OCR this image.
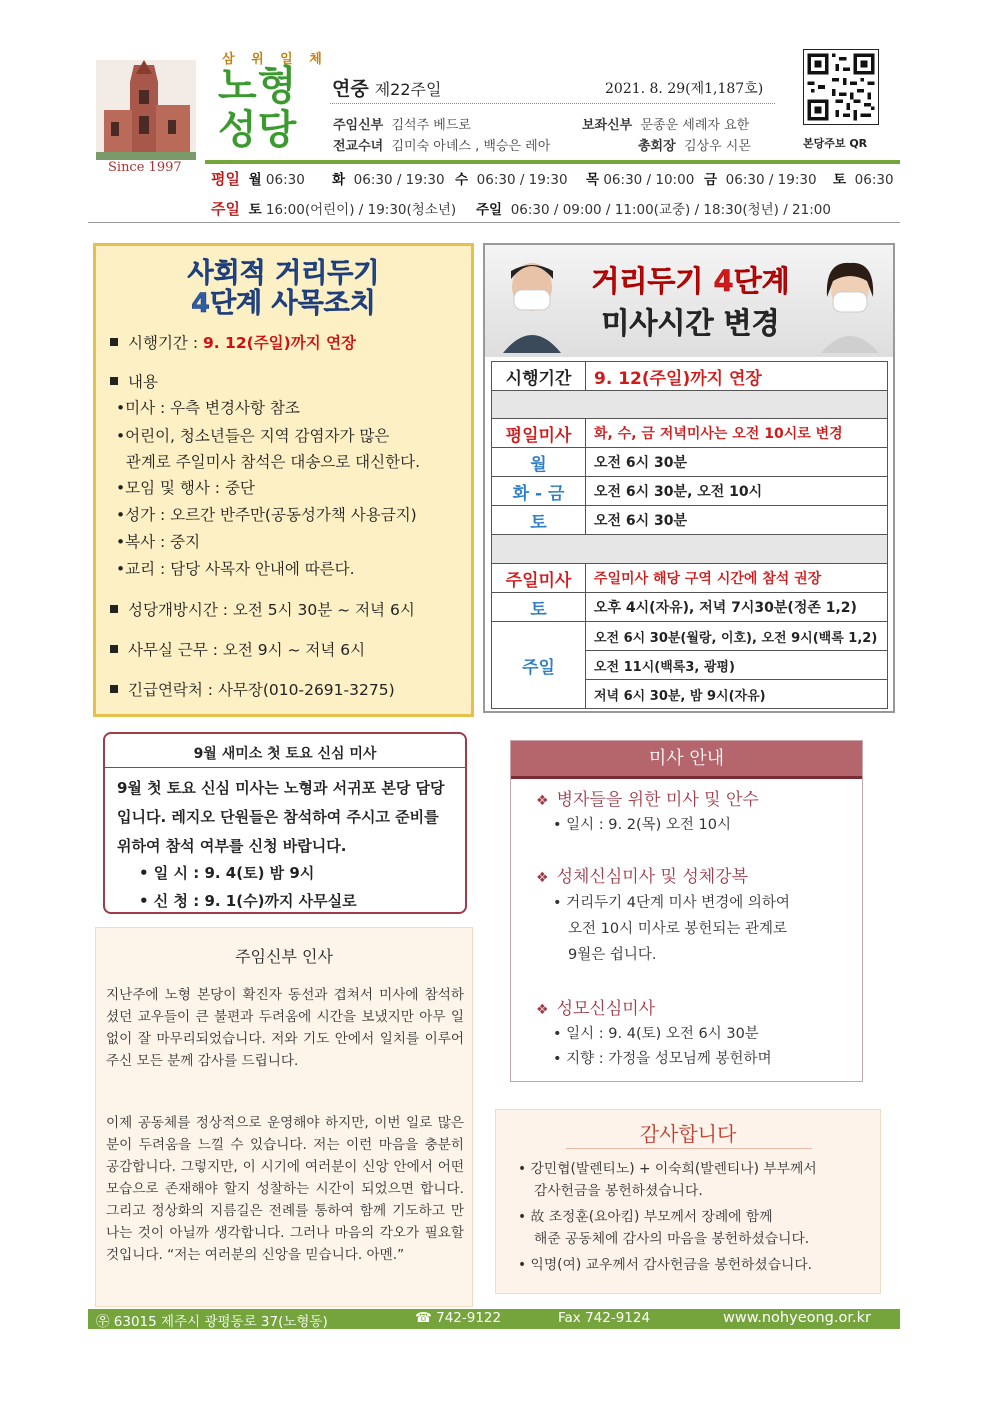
Since 1997
삼 위 일 체
노형
성당
연중 제22주일	2021. 8. 29(제1,187호)
주임신부 김석주 베드로	보좌신부 문종운 세례자 요한
전교수녀 김미숙 아녜스 , 백승은 레아	총회장 김상우 시몬	본당주보 QR
평일 월 06:30 화 06:30 / 19:30 수 06:30 / 19:30 목 06:30 / 10:00 금 06:30 / 19:30 토 06:30
주일 토 16:00(어린이) / 19:30(청소년) 주일 06:30 / 09:00 / 11:00(교중) / 18:30(청년) / 21:00
사회적 거리두기
4단계 사목조치
시행기간 : 9. 12(주일)까지 연장
내용
•미사 : 우측 변경사항 참조
•어린이, 청소년들은 지역 감염자가 많은
관계로 주일미사 참석은 대송으로 대신한다.
•모임 및 행사 : 중단
•성가 : 오르간 반주만(공동성가책 사용금지)
•복사 : 중지
•교리 : 담당 사목자 안내에 따른다.
성당개방시간 : 오전 5시 30분 ~ 저녁 6시
사무실 근무 : 오전 9시 ~ 저녁 6시
긴급연락처 : 사무장(010-2691-3275)
거리두기 4단계
미사시간 변경
시행기간	9. 12(주일)까지 연장

평일미사	화, 수, 금 저녁미사는 오전 10시로 변경
월	오전 6시 30분
화 - 금	오전 6시 30분, 오전 10시
토	오전 6시 30분

주일미사	주일미사 해당 구역 시간에 참석 권장
토	오후 4시(자유), 저녁 7시30분(정존 1,2)
주일	오전 6시 30분(월랑, 이호), 오전 9시(백록 1,2)
	오전 11시(백록3, 광평)
	저녁 6시 30분, 밤 9시(자유)
9월 새미소 첫 토요 신심 미사
9월 첫 토요 신심 미사는 노형과 서귀포 본당 담당입니다. 레지오 단원들은 참석하여 주시고 준비를 위하여 참석 여부를 신청 바랍니다.
• 일 시 : 9. 4(토) 밤 9시
• 신 청 : 9. 1(수)까지 사무실로
주임신부 인사
지난주에 노형 본당이 확진자 동선과 겹쳐서 미사에 참석하셨던 교우들이 큰 불편과 두려움에 시간을 보냈지만 아무 일 없이 잘 마무리되었습니다. 저와 기도 안에서 일치를 이루어 주신 모든 분께 감사를 드립니다.
이제 공동체를 정상적으로 운영해야 하지만, 이번 일로 많은 분이 두려움을 느낄 수 있습니다. 저는 이런 마음을 충분히 공감합니다. 그렇지만, 이 시기에 여러분이 신앙 안에서 어떤 모습으로 존재해야 할지 성찰하는 시간이 되었으면 합니다. 그리고 정상화의 지름길은 전례를 통하여 함께 기도하고 만나는 것이 아닐까 생각합니다. 그러나 마음의 각오가 필요할 것입니다. “저는 여러분의 신앙을 믿습니다. 아멘.”
미사 안내
❖ 병자들을 위한 미사 및 안수
• 일시 : 9. 2(목) 오전 10시
❖ 성체신심미사 및 성체강복
• 거리두기 4단계 미사 변경에 의하여
오전 10시 미사로 봉헌되는 관계로
9월은 쉽니다.
❖ 성모신심미사
• 일시 : 9. 4(토) 오전 6시 30분
• 지향 : 가정을 성모님께 봉헌하며
감사합니다
• 강민협(발렌티노) + 이숙희(발렌티나) 부부께서
감사헌금을 봉헌하셨습니다.
• 故 조정훈(요아킴) 부모께서 장례에 함께
해준 공동체에 감사의 마음을 봉헌하셨습니다.
• 익명(여) 교우께서 감사헌금을 봉헌하셨습니다.
㉾ 63015 제주시 광평동로 37(노형동)	☎ 742-9122	Fax 742-9124	www.nohyeong.or.kr
